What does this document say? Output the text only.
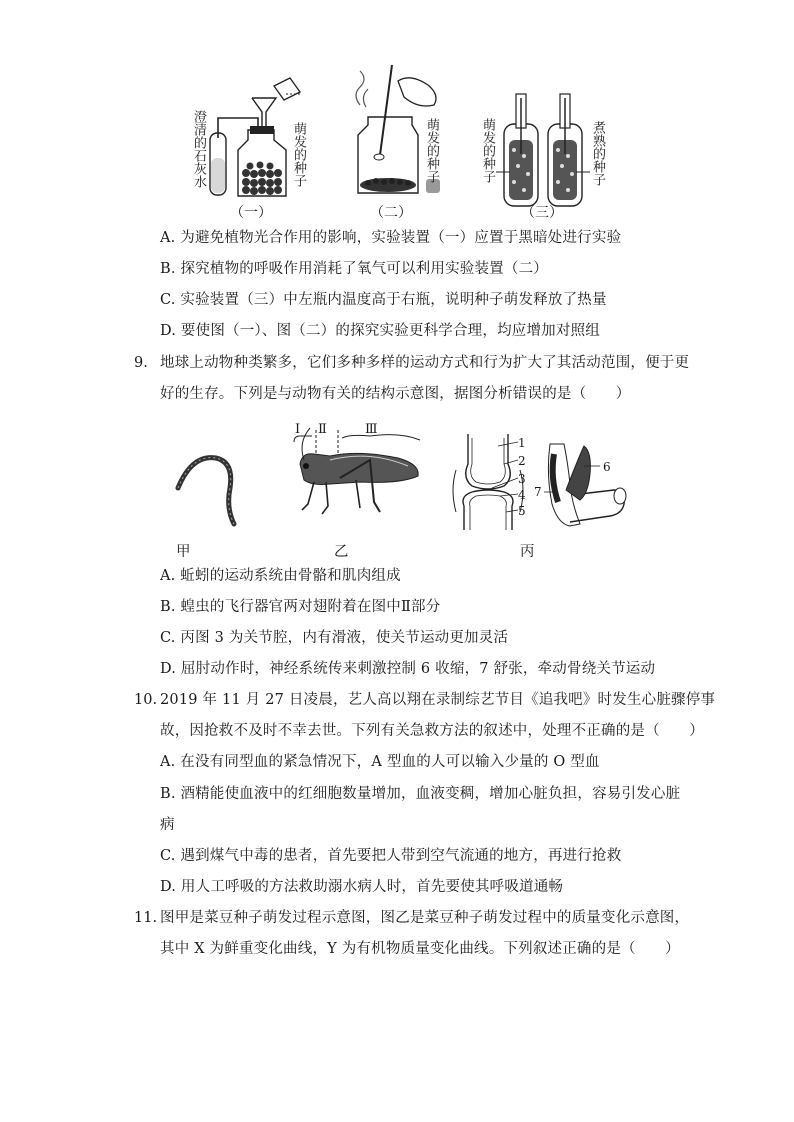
澄清的石灰水	萌发的种子
（一）
萌发的种子
（二）
萌发的种子	煮熟的种子
（三）
A. 为避免植物光合作用的影响，实验装置（一）应置于黑暗处进行实验
B. 探究植物的呼吸作用消耗了氧气可以利用实验装置（二）
C. 实验装置（三）中左瓶内温度高于右瓶，说明种子萌发释放了热量
D. 要使图（一）、图（二）的探究实验更科学合理，均应增加对照组
9. 地球上动物种类繁多，它们多种多样的运动方式和行为扩大了其活动范围，便于更
好的生存。下列是与动物有关的结构示意图，据图分析错误的是（　　）
Ⅰ Ⅱ	Ⅲ
1
2
3
4
5
6
7
甲	乙	丙
A. 蚯蚓的运动系统由骨骼和肌肉组成
B. 蝗虫的飞行器官两对翅附着在图中Ⅱ部分
C. 丙图 3 为关节腔，内有滑液，使关节运动更加灵活
D. 屈肘动作时，神经系统传来刺激控制 6 收缩，7 舒张，牵动骨绕关节运动
10. 2019 年 11 月 27 日凌晨，艺人高以翔在录制综艺节目《追我吧》时发生心脏骤停事
故，因抢救不及时不幸去世。下列有关急救方法的叙述中，处理不正确的是（　　）
A. 在没有同型血的紧急情况下，A 型血的人可以输入少量的 O 型血
B. 酒精能使血液中的红细胞数量增加，血液变稠，增加心脏负担，容易引发心脏
病
C. 遇到煤气中毒的患者，首先要把人带到空气流通的地方，再进行抢救
D. 用人工呼吸的方法救助溺水病人时，首先要使其呼吸道通畅
11. 图甲是菜豆种子萌发过程示意图，图乙是菜豆种子萌发过程中的质量变化示意图，
其中 X 为鲜重变化曲线，Y 为有机物质量变化曲线。下列叙述正确的是（　　）
